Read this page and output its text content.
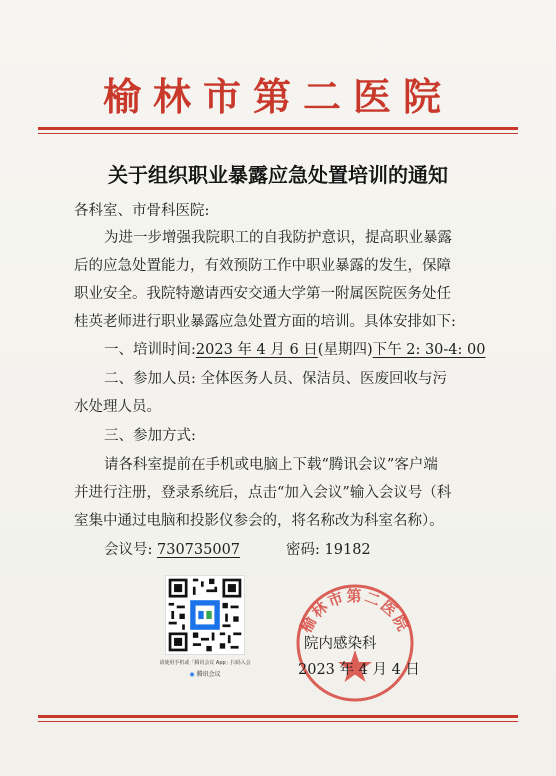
榆林市第二医院
关于组织职业暴露应急处置培训的通知
各科室、市骨科医院:
为进一步增强我院职工的自我防护意识，提高职业暴露
后的应急处置能力，有效预防工作中职业暴露的发生，保障
职业安全。我院特邀请西安交通大学第一附属医院医务处任
桂英老师进行职业暴露应急处置方面的培训。具体安排如下:
一、培训时间:2023 年 4 月 6 日(星期四)下午 2: 30-4: 00
二、参加人员: 全体医务人员、保洁员、医废回收与污
水处理人员。
三、参加方式:
请各科室提前在手机或电脑上下载“腾讯会议”客户端
并进行注册，登录系统后，点击“加入会议”输入会议号（科
室集中通过电脑和投影仪参会的，将名称改为科室名称）。
会议号: 730735007	密码: 19182
请使用手机或「腾讯会议 App」扫码入会
◉ 腾讯会议
榆林市第二医院
院内感染科
2023 年 4 月 4 日
